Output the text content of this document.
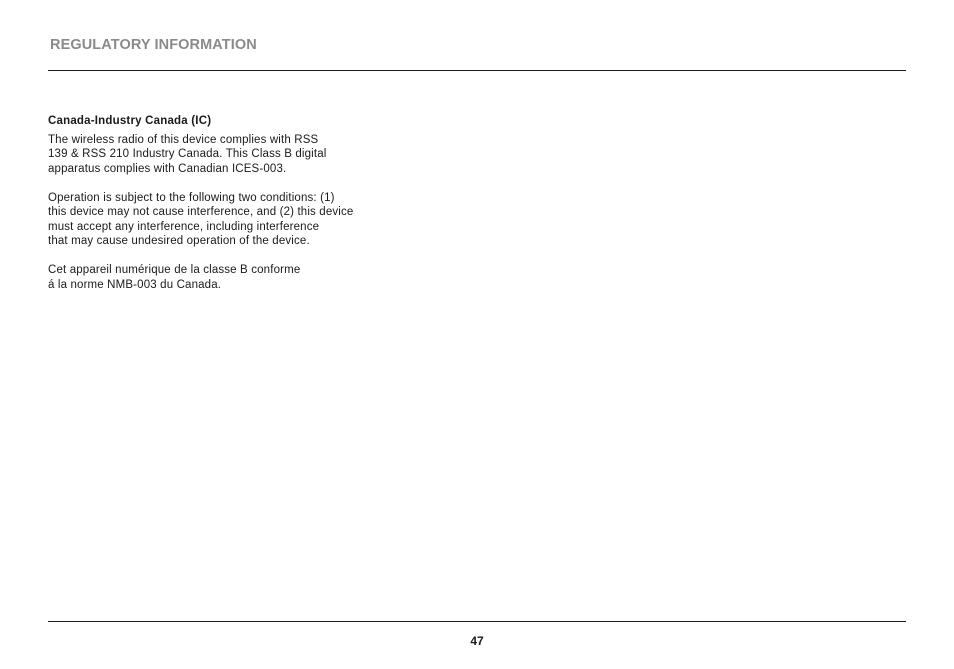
REGULATORY INFORMATION
Canada-Industry Canada (IC)
The wireless radio of this device complies with RSS
139 & RSS 210 Industry Canada. This Class B digital
apparatus complies with Canadian ICES-003.
Operation is subject to the following two conditions: (1)
this device may not cause interference, and (2) this device
must accept any interference, including interference
that may cause undesired operation of the device.
Cet appareil numérique de la classe B conforme
á la norme NMB-003 du Canada.
47
